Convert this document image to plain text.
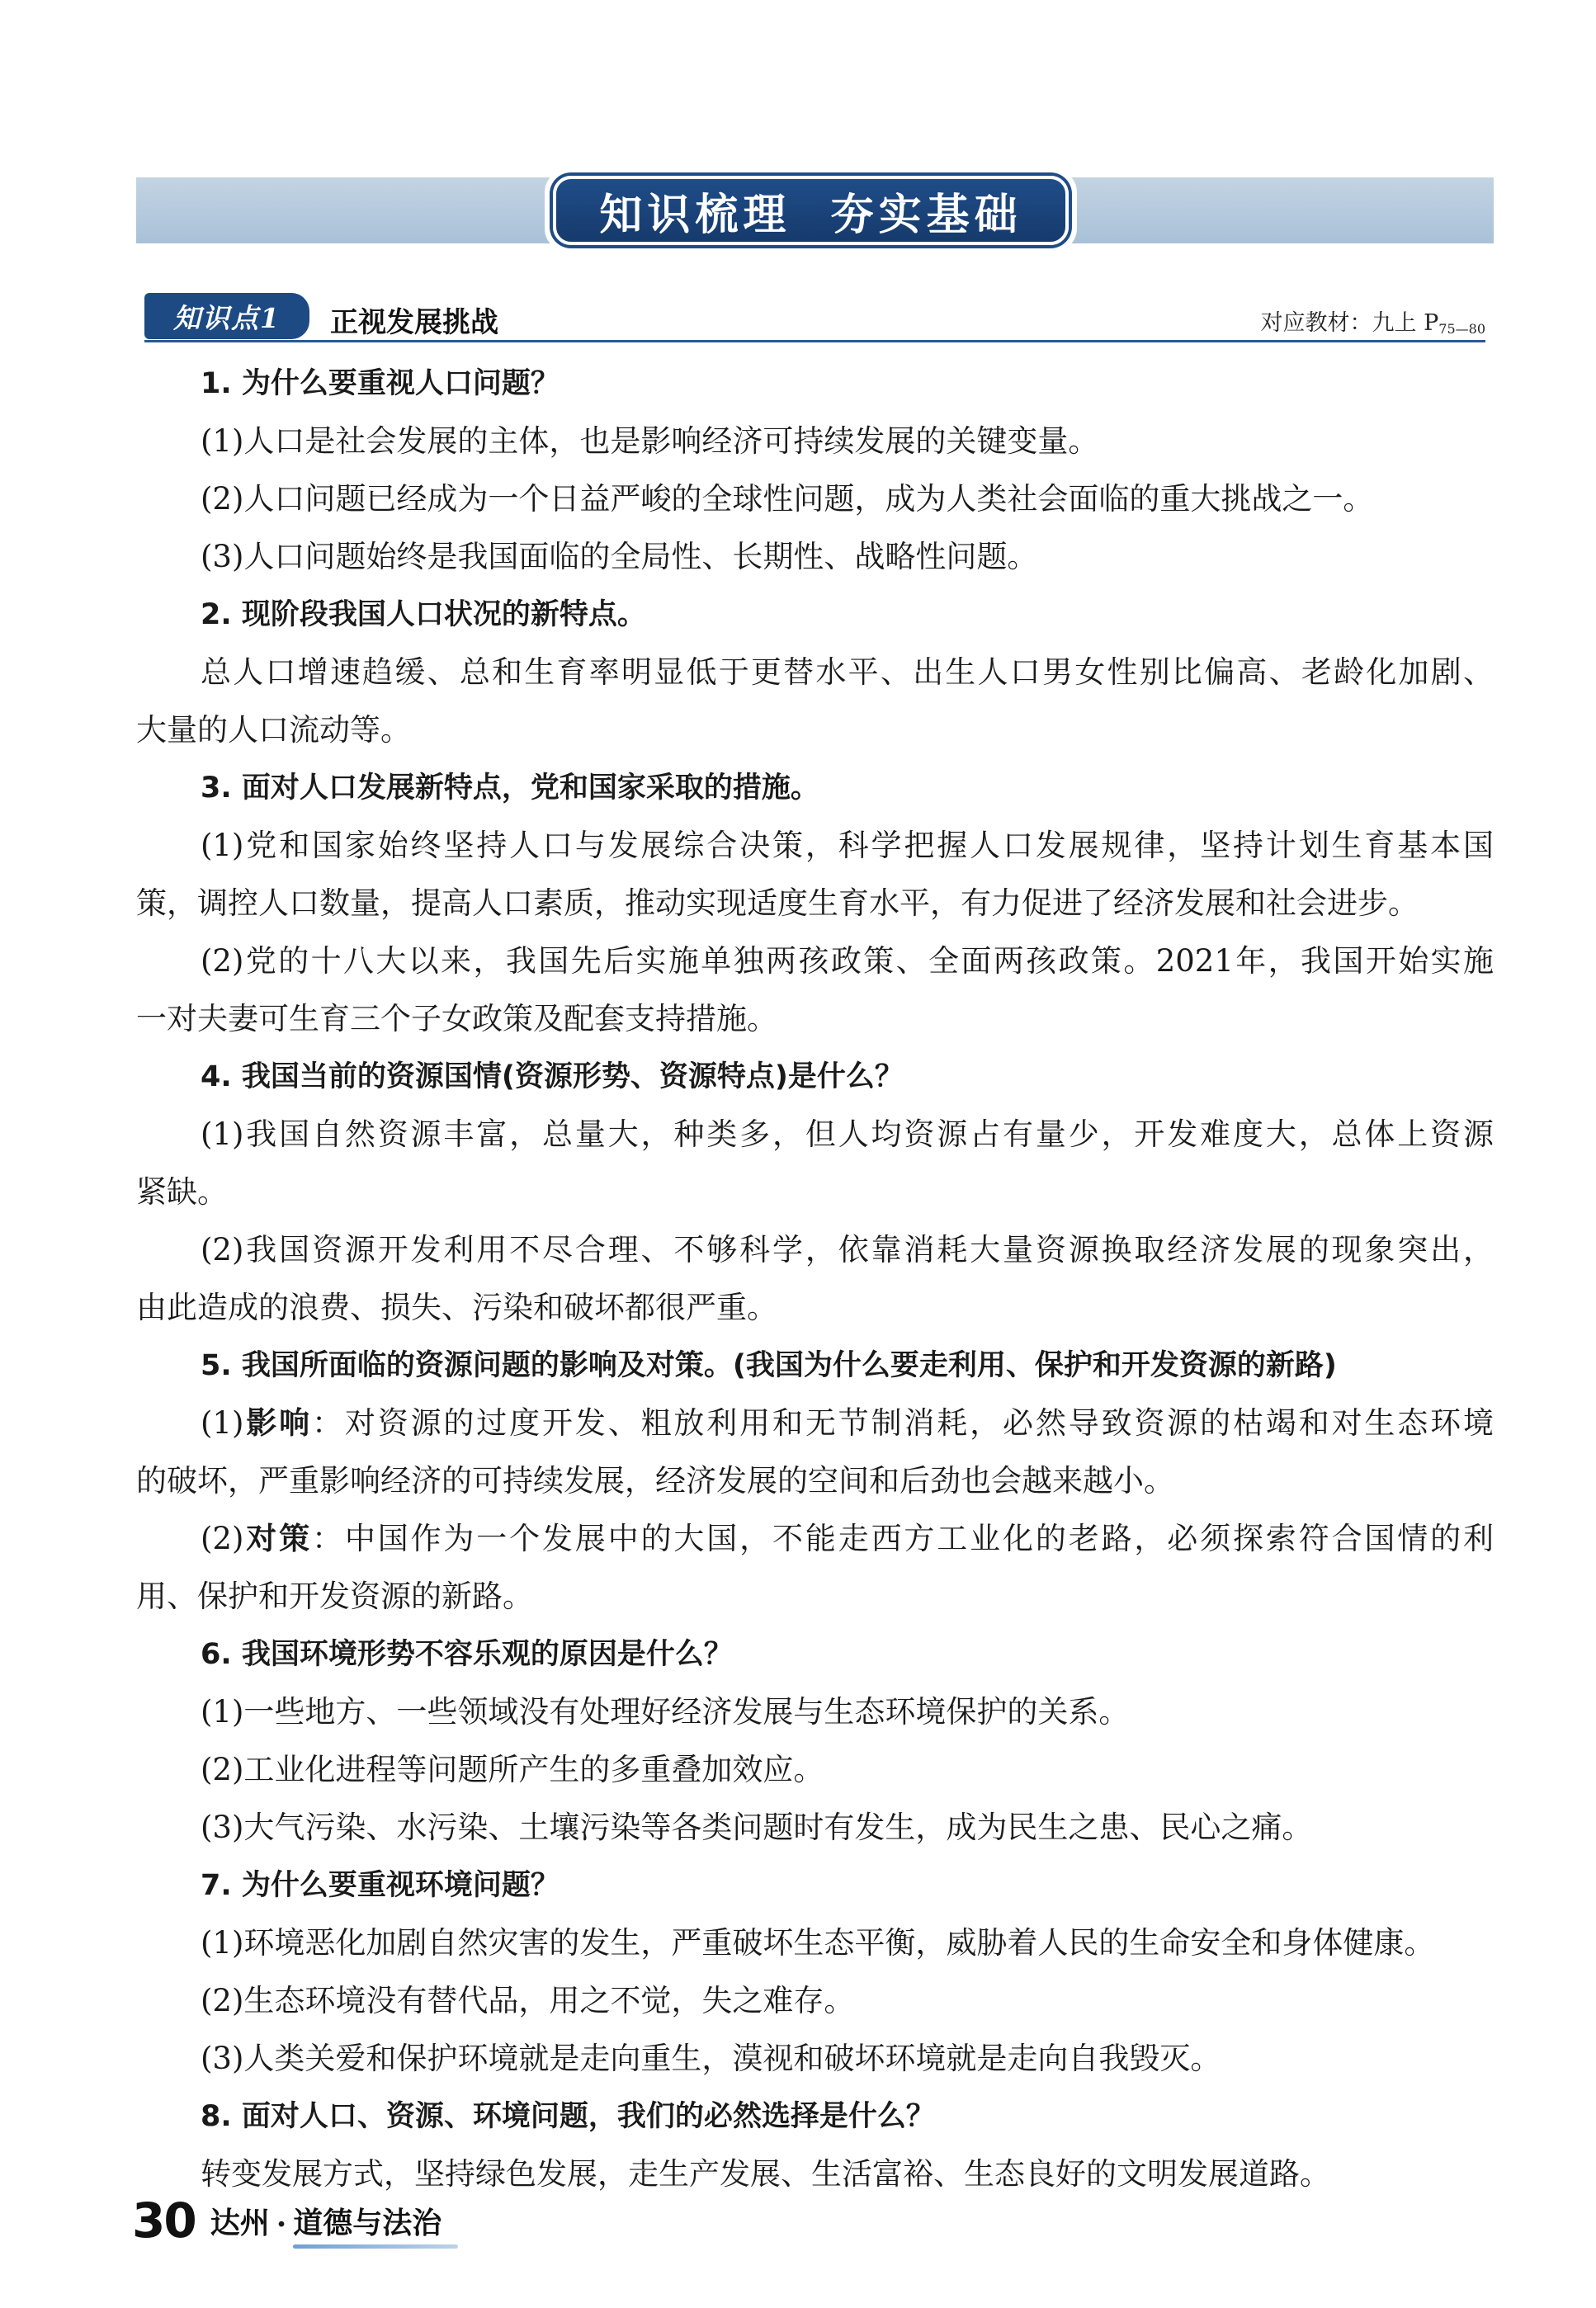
知识梳理  夯实基础
知识点1 正视发展挑战	对应教材：九上 P75—80
1. 为什么要重视人口问题？
(1)人口是社会发展的主体，也是影响经济可持续发展的关键变量。
(2)人口问题已经成为一个日益严峻的全球性问题，成为人类社会面临的重大挑战之一。
(3)人口问题始终是我国面临的全局性、长期性、战略性问题。
2. 现阶段我国人口状况的新特点。
总人口增速趋缓、总和生育率明显低于更替水平、出生人口男女性别比偏高、老龄化加剧、
大量的人口流动等。
3. 面对人口发展新特点，党和国家采取的措施。
(1)党和国家始终坚持人口与发展综合决策，科学把握人口发展规律，坚持计划生育基本国
策，调控人口数量，提高人口素质，推动实现适度生育水平，有力促进了经济发展和社会进步。
(2)党的十八大以来，我国先后实施单独两孩政策、全面两孩政策。2021年，我国开始实施
一对夫妻可生育三个子女政策及配套支持措施。
4. 我国当前的资源国情(资源形势、资源特点)是什么？
(1)我国自然资源丰富，总量大，种类多，但人均资源占有量少，开发难度大，总体上资源
紧缺。
(2)我国资源开发利用不尽合理、不够科学，依靠消耗大量资源换取经济发展的现象突出，
由此造成的浪费、损失、污染和破坏都很严重。
5. 我国所面临的资源问题的影响及对策。(我国为什么要走利用、保护和开发资源的新路)
(1)影响：对资源的过度开发、粗放利用和无节制消耗，必然导致资源的枯竭和对生态环境
的破坏，严重影响经济的可持续发展，经济发展的空间和后劲也会越来越小。
(2)对策：中国作为一个发展中的大国，不能走西方工业化的老路，必须探索符合国情的利
用、保护和开发资源的新路。
6. 我国环境形势不容乐观的原因是什么？
(1)一些地方、一些领域没有处理好经济发展与生态环境保护的关系。
(2)工业化进程等问题所产生的多重叠加效应。
(3)大气污染、水污染、土壤污染等各类问题时有发生，成为民生之患、民心之痛。
7. 为什么要重视环境问题？
(1)环境恶化加剧自然灾害的发生，严重破坏生态平衡，威胁着人民的生命安全和身体健康。
(2)生态环境没有替代品，用之不觉，失之难存。
(3)人类关爱和保护环境就是走向重生，漠视和破坏环境就是走向自我毁灭。
8. 面对人口、资源、环境问题，我们的必然选择是什么？
转变发展方式，坚持绿色发展，走生产发展、生活富裕、生态良好的文明发展道路。
30 达州 · 道德与法治
